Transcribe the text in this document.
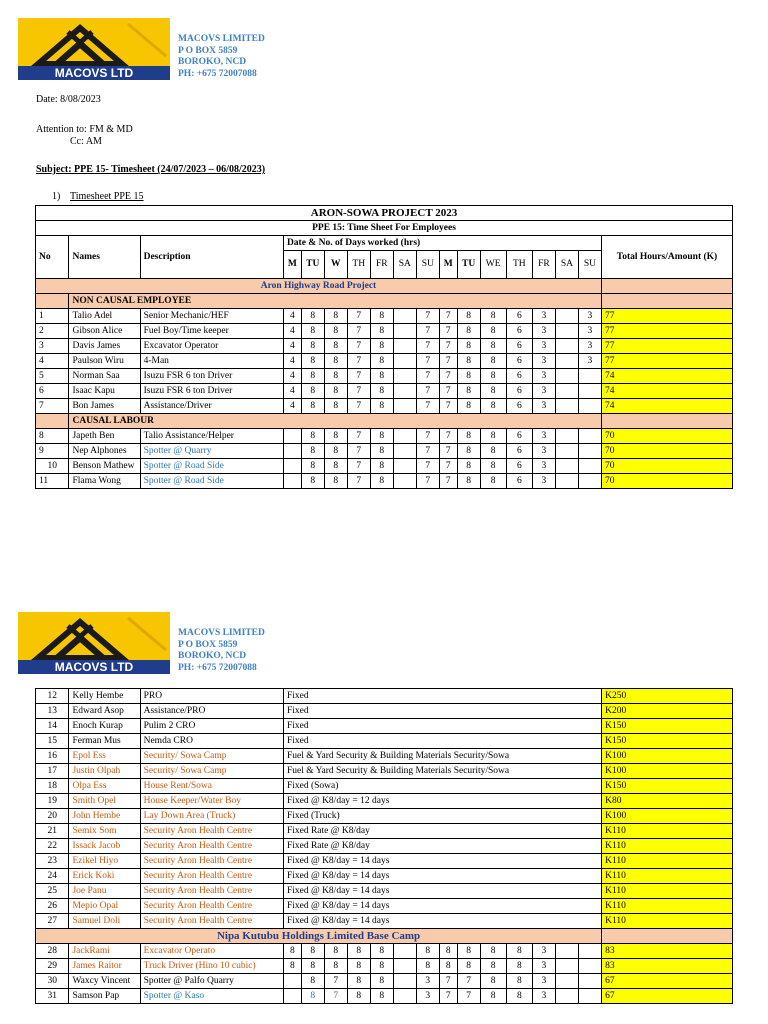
MACOVS LTD
MACOVS LIMITED
P O BOX 5859
BOROKO, NCD
PH: +675 72007088
Date: 8/08/2023
Attention to: FM & MD
Cc: AM
Subject: PPE 15- Timesheet (24/07/2023 – 06/08/2023)
1) Timesheet PPE 15
ARON-SOWA PROJECT 2023																	
PPE 15: Time Sheet For Employees																	
No	Names	Description	Date & No. of Days worked (hrs)														Total Hours/Amount (K)
			M	TU	W	TH	FR	SA	SU	M	TU	WE	TH	FR	SA	SU	
Aron Highway Road Project																	
	NON CAUSAL EMPLOYEE																
1	Talio Adel	Senior Mechanic/HEF	4	8	8	7	8		7	7	8	8	6	3		3	77
2	Gibson Alice	Fuel Boy/Time keeper	4	8	8	7	8		7	7	8	8	6	3		3	77
3	Davis James	Excavator Operator	4	8	8	7	8		7	7	8	8	6	3		3	77
4	Paulson Wiru	4-Man	4	8	8	7	8		7	7	8	8	6	3		3	77
5	Norman Saa	Isuzu FSR 6 ton Driver	4	8	8	7	8		7	7	8	8	6	3			74
6	Isaac Kapu	Isuzu FSR 6 ton Driver	4	8	8	7	8		7	7	8	8	6	3			74
7	Bon James	Assistance/Driver	4	8	8	7	8		7	7	8	8	6	3			74
	CAUSAL LABOUR																
8	Japeth Ben	Talio Assistance/Helper		8	8	7	8		7	7	8	8	6	3			70
9	Nep Alphones	Spotter @ Quarry		8	8	7	8		7	7	8	8	6	3			70
10	Benson Mathew	Spotter @ Road Side		8	8	7	8		7	7	8	8	6	3			70
11	Flama Wong	Spotter @ Road Side		8	8	7	8		7	7	8	8	6	3			70
MACOVS LTD
MACOVS LIMITED
P O BOX 5859
BOROKO, NCD
PH: +675 72007088
12	Kelly Hembe	PRO	Fixed														K250
13	Edward Asop	Assistance/PRO	Fixed														K200
14	Enoch Kurap	Pulim 2 CRO	Fixed														K150
15	Ferman Mus	Nemda CRO	Fixed														K150
16	Epol Ess	Security/ Sowa Camp	Fuel & Yard Security & Building Materials Security/Sowa														K100
17	Justin Olpah	Security/ Sowa Camp	Fuel & Yard Security & Building Materials Security/Sowa														K100
18	Olpa Ess	House Rent/Sowa	Fixed (Sowa)														K150
19	Smith Opel	House Keeper/Water Boy	Fixed @ K8/day = 12 days														K80
20	John Hembe	Lay Down Area (Truck)	Fixed (Truck)														K100
21	Semix Som	Security Aron Health Centre	Fixed Rate @ K8/day														K110
22	Issack Jacob	Security Aron Health Centre	Fixed Rate @ K8/day														K110
23	Ezikel Hiyo	Security Aron Health Centre	Fixed @ K8/day = 14 days														K110
24	Erick Koki	Security Aron Health Centre	Fixed @ K8/day = 14 days														K110
25	Joe Panu	Security Aron Health Centre	Fixed @ K8/day = 14 days														K110
26	Mepio Opal	Security Aron Health Centre	Fixed @ K8/day = 14 days														K110
27	Samuel Doli	Security Aron Health Centre	Fixed @ K8/day = 14 days														K110
Nipa Kutubu Holdings Limited Base Camp																	
28	JackRami	Excavator Operato	8	8	8	8	8		8	8	8	8	8	3			83
29	James Raitor	Truck Driver (Hino 10 cubic)	8	8	8	8	8		8	8	8	8	8	3			83
30	Waxcy Vincent	Spotter @ Palfo Quarry		8	7	8	8		3	7	7	8	8	3			67
31	Samson Pap	Spotter @ Kaso		8	7	8	8		3	7	7	8	8	3			67
